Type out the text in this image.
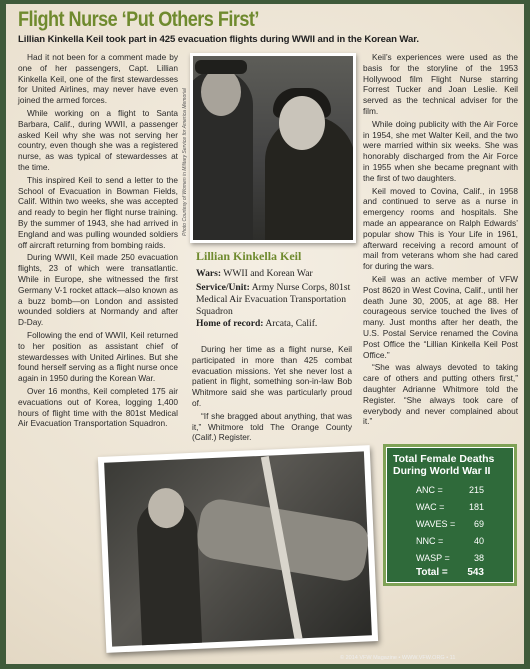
Flight Nurse ‘Put Others First’
Lillian Kinkella Keil took part in 425 evacuation flights during WWII and in the Korean War.

Had it not been for a comment made by one of her passengers, Capt. Lillian Kinkella Keil, one of the first stewardesses for United Airlines, may never have even joined the armed forces.

While working on a flight to Santa Barbara, Calif., during WWII, a passenger asked Keil why she was not serving her country, even though she was a registered nurse, as was typical of stewardesses at the time.

This inspired Keil to send a letter to the School of Evacuation in Bowman Fields, Calif. Within two weeks, she was accepted and ready to begin her flight nurse training. By the summer of 1943, she had arrived in England and was pulling wounded soldiers off aircraft returning from bombing raids.

During WWII, Keil made 250 evacuation flights, 23 of which were transatlantic. While in Europe, she witnessed the first Germany V-1 rocket attack—also known as a buzz bomb—on London and assisted wounded soldiers at Normandy and after D-Day.

Following the end of WWII, Keil returned to her position as assistant chief of stewardesses with United Airlines. But she found herself serving as a flight nurse once again in 1950 during the Korean War.

Over 16 months, Keil completed 175 air evacuations out of Korea, logging 1,400 hours of flight time with the 801st Medical Air Evacuation Transportation Squadron.

Photo Courtesy of Women in Military Service for America Memorial
Lillian Kinkella Keil
Wars: WWII and Korean War
Service/Unit: Army Nurse Corps, 801st Medical Air Evacuation Transportation Squadron
Home of record: Arcata, Calif.

During her time as a flight nurse, Keil participated in more than 425 combat evacuation missions. Yet she never lost a patient in flight, something son-in-law Bob Whitmore said she was particularly proud of.

“If she bragged about anything, that was it,” Whitmore told The Orange County (Calif.) Register.

Keil’s experiences were used as the basis for the storyline of the 1953 Hollywood film Flight Nurse starring Forrest Tucker and Joan Leslie. Keil served as the technical adviser for the film.

While doing publicity with the Air Force in 1954, she met Walter Keil, and the two were married within six weeks. She was honorably discharged from the Air Force in 1955 when she became pregnant with the first of two daughters.

Keil moved to Covina, Calif., in 1958 and continued to serve as a nurse in emergency rooms and hospitals. She made an appearance on Ralph Edwards’ popular show This is Your Life in 1961, afterward receiving a record amount of mail from veterans whom she had cared for during the wars.

Keil was an active member of VFW Post 8620 in West Covina, Calif., until her death June 30, 2005, at age 88. Her courageous service touched the lives of many. Just months after her death, the U.S. Postal Service renamed the Covina Post Office the “Lillian Kinkella Keil Post Office.”

“She was always devoted to taking care of others and putting others first,” daughter Adrianne Whitmore told the Register. “She always took care of everybody and never complained about it.”

Total Female Deaths
During World War II
ANC =	215
WAC =	181
WAVES = 69
NNC =	40
WASP =	38
Total = 543
© 2014 VFW Magazine • WWW.VFW.ORG • 11
